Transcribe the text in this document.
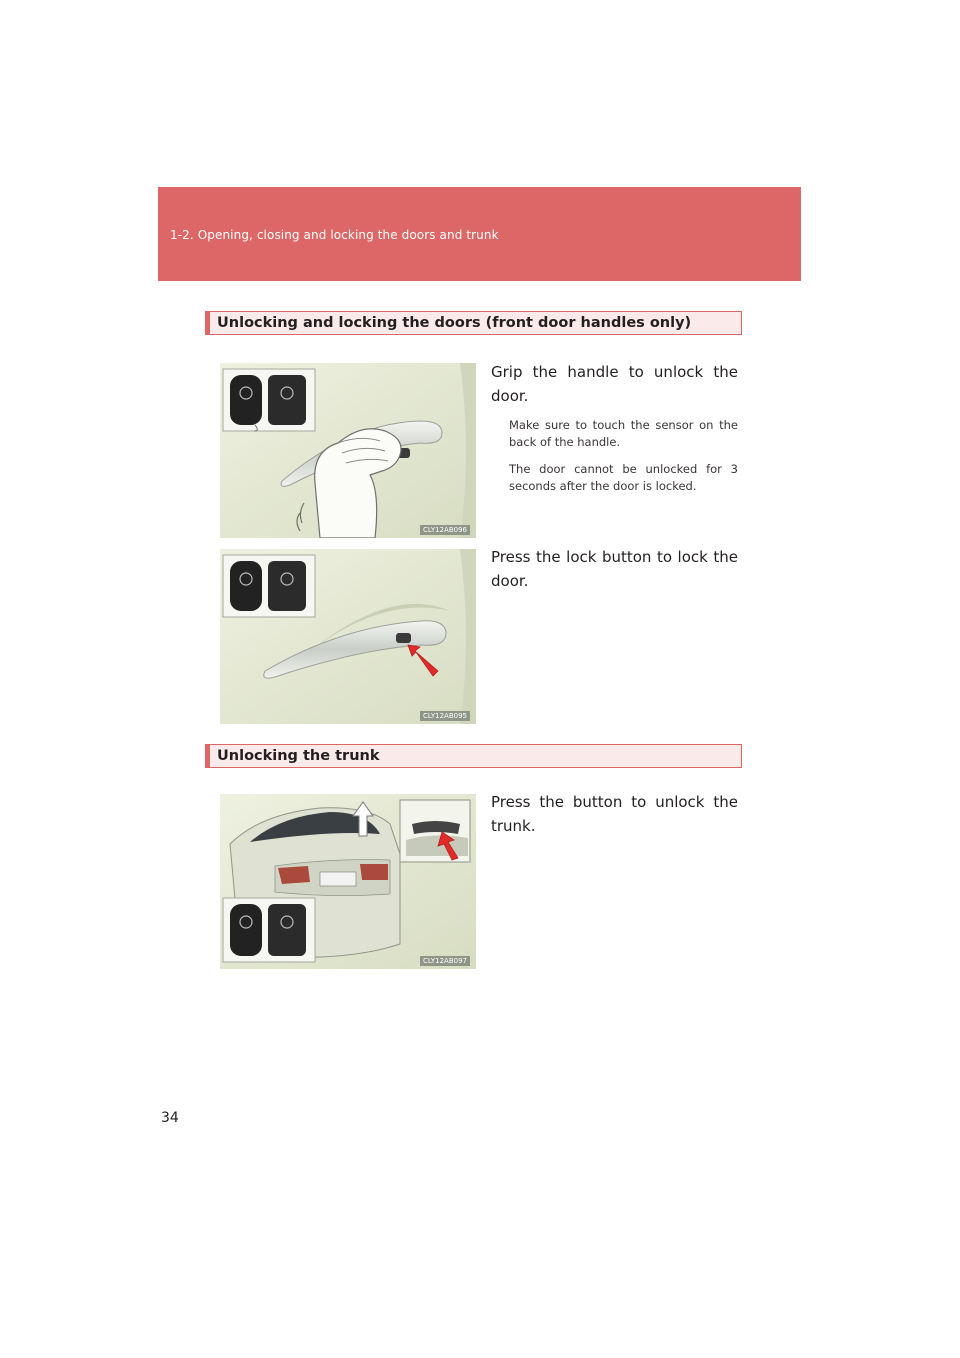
1-2. Opening, closing and locking the doors and trunk
Unlocking and locking the doors (front door handles only)
CLY12AB096

Grip the handle to unlock the door.

Make sure to touch the sensor on the back of the handle.

The door cannot be unlocked for 3 seconds after the door is locked.

CLY12AB095

Press the lock button to lock the door.

Unlocking the trunk
CLY12AB097

Press the button to unlock the trunk.

34
